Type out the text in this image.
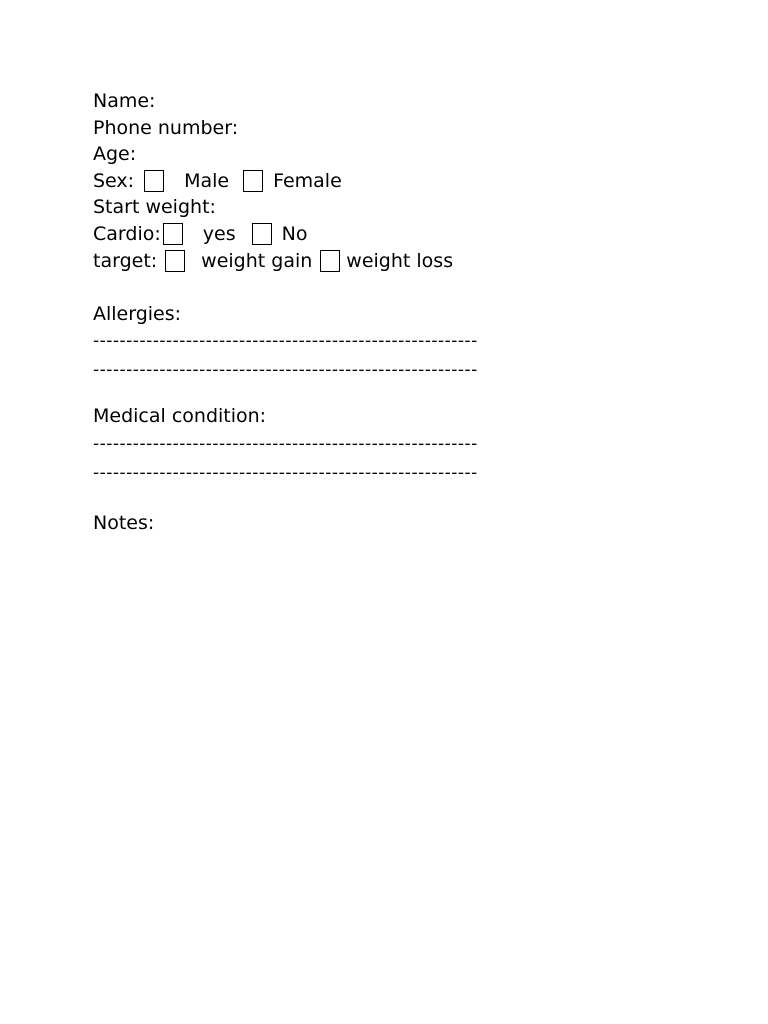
Name:
Phone number:
Age:
Sex:	Male Female
Start weight:
Cardio: yes No
target: weight gain weight loss
Allergies:
----------------------------------------------------------
----------------------------------------------------------
Medical condition:
----------------------------------------------------------
----------------------------------------------------------
Notes:
